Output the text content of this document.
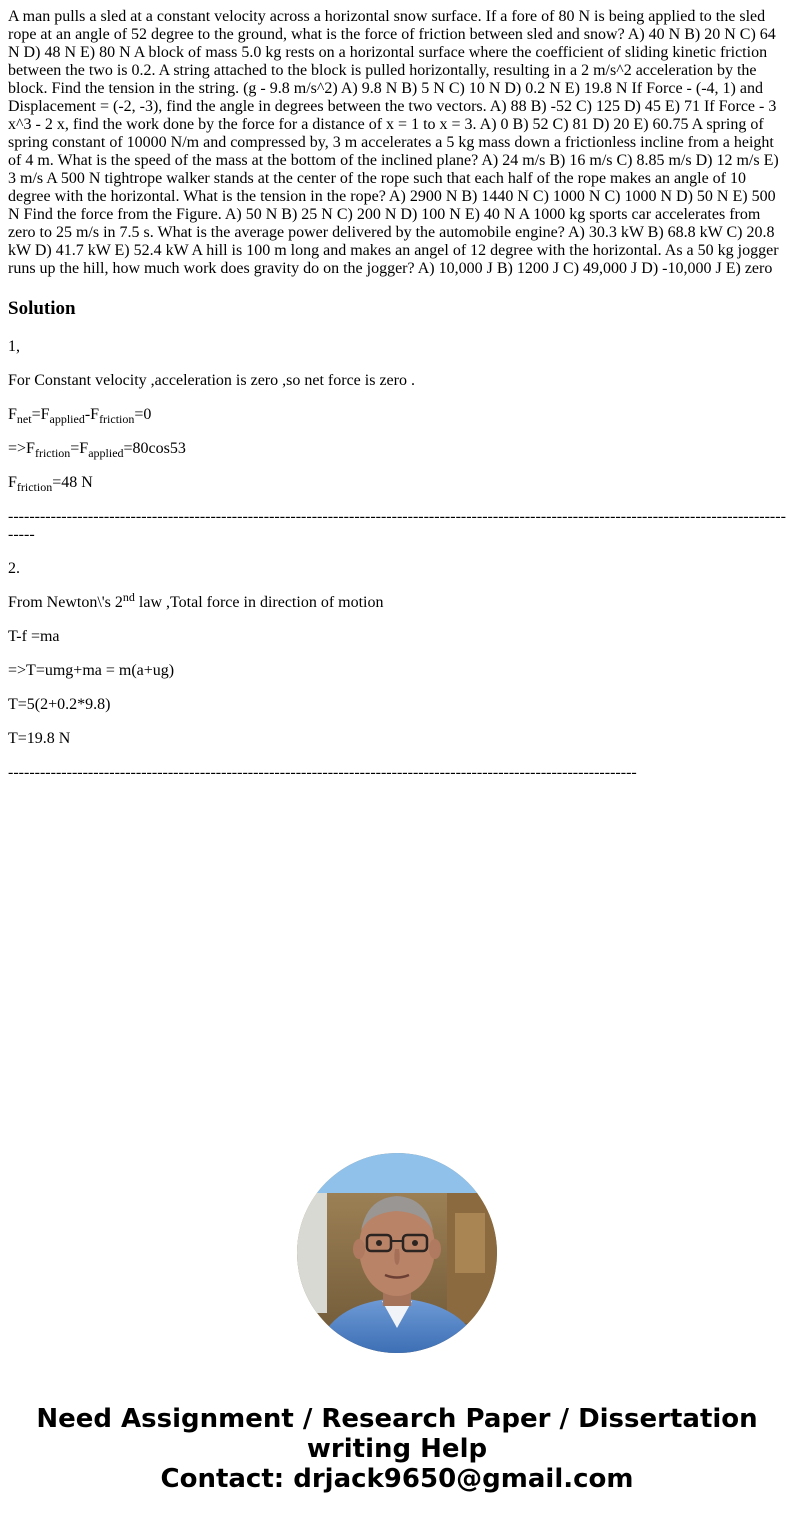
A man pulls a sled at a constant velocity across a horizontal snow surface. If a fore of 80 N is being applied to the sled rope at an angle of 52 degree to the ground, what is the force of friction between sled and snow? A) 40 N B) 20 N C) 64 N D) 48 N E) 80 N A block of mass 5.0 kg rests on a horizontal surface where the coefficient of sliding kinetic friction between the two is 0.2. A string attached to the block is pulled horizontally, resulting in a 2 m/s^2 acceleration by the block. Find the tension in the string. (g - 9.8 m/s^2) A) 9.8 N B) 5 N C) 10 N D) 0.2 N E) 19.8 N If Force - (-4, 1) and Displacement = (-2, -3), find the angle in degrees between the two vectors. A) 88 B) -52 C) 125 D) 45 E) 71 If Force - 3 x^3 - 2 x, find the work done by the force for a distance of x = 1 to x = 3. A) 0 B) 52 C) 81 D) 20 E) 60.75 A spring of spring constant of 10000 N/m and compressed by, 3 m accelerates a 5 kg mass down a frictionless incline from a height of 4 m. What is the speed of the mass at the bottom of the inclined plane? A) 24 m/s B) 16 m/s C) 8.85 m/s D) 12 m/s E) 3 m/s A 500 N tightrope walker stands at the center of the rope such that each half of the rope makes an angle of 10 degree with the horizontal. What is the tension in the rope? A) 2900 N B) 1440 N C) 1000 N C) 1000 N D) 50 N E) 500 N Find the force from the Figure. A) 50 N B) 25 N C) 200 N D) 100 N E) 40 N A 1000 kg sports car accelerates from zero to 25 m/s in 7.5 s. What is the average power delivered by the automobile engine? A) 30.3 kW B) 68.8 kW C) 20.8 kW D) 41.7 kW E) 52.4 kW A hill is 100 m long and makes an angel of 12 degree with the horizontal. As a 50 kg jogger runs up the hill, how much work does gravity do on the jogger? A) 10,000 J B) 1200 J C) 49,000 J D) -10,000 J E) zero

Solution

1,

For Constant velocity ,acceleration is zero ,so net force is zero .

$F_{net}=F_{applied}-F_{friction}=0$

$=>F_{friction}=F_{applied}=80\cos 53$

$F_{friction}=48$ N

-------------------------------------------------------------------------------------------------------------------------------------------------------

2.

From Newton\'s 2nd law ,Total force in direction of motion

T-f =ma

=>T=umg+ma = m(a+ug)

T=5(2+0.2*9.8)

T=19.8 N

----------------------------------------------------------------------------------------------------------------------

Need Assignment / Research Paper / Dissertation
writing Help
Contact: drjack9650@gmail.com
